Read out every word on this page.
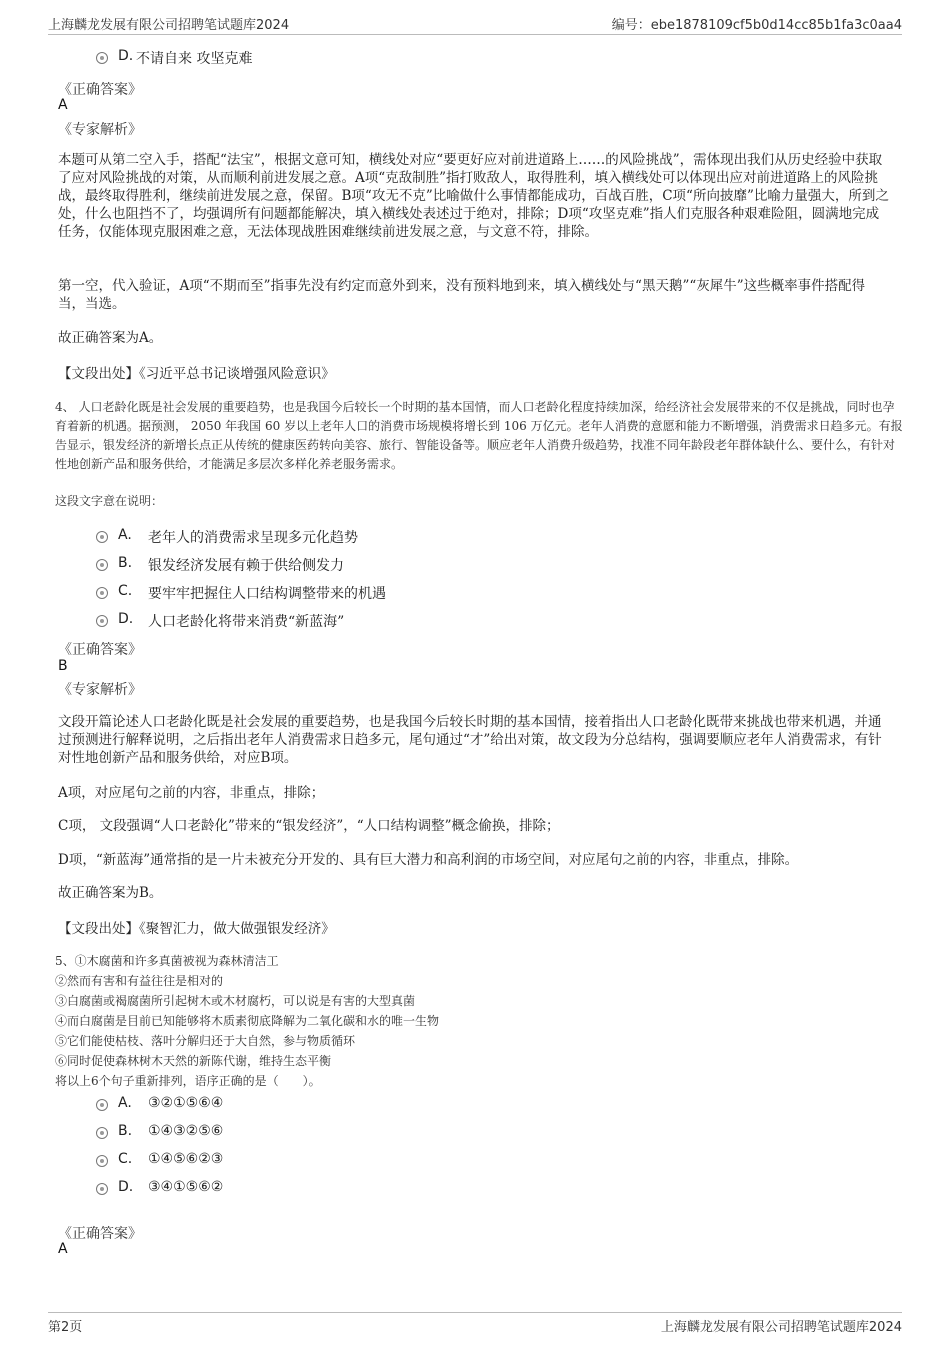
上海麟龙发展有限公司招聘笔试题库2024	编号：ebe1878109cf5b0d14cc85b1fa3c0aa4
D. 不请自来 攻坚克难
《正确答案》
A
《专家解析》

本题可从第二空入手，搭配“法宝”，根据文意可知，横线处对应“要更好应对前进道路上……的风险挑战”，需体现出我们从历史经验中获取了应对风险挑战的对策，从而顺利前进发展之意。A项“克敌制胜”指打败敌人，取得胜利，填入横线处可以体现出应对前进道路上的风险挑战，最终取得胜利，继续前进发展之意，保留。B项“攻无不克”比喻做什么事情都能成功，百战百胜，C项“所向披靡”比喻力量强大，所到之处，什么也阻挡不了，均强调所有问题都能解决，填入横线处表述过于绝对，排除；D项“攻坚克难”指人们克服各种艰难险阻，圆满地完成任务，仅能体现克服困难之意，无法体现战胜困难继续前进发展之意，与文意不符，排除。

第一空，代入验证，A项“不期而至”指事先没有约定而意外到来，没有预料地到来，填入横线处与“黑天鹅”“灰犀牛”这些概率事件搭配得当，当选。

故正确答案为A。

【文段出处】《习近平总书记谈增强风险意识》

4、 人口老龄化既是社会发展的重要趋势，也是我国今后较长一个时期的基本国情，而人口老龄化程度持续加深，给经济社会发展带来的不仅是挑战，同时也孕育着新的机遇。据预测， 2050 年我国 60 岁以上老年人口的消费市场规模将增长到 106 万亿元。老年人消费的意愿和能力不断增强，消费需求日趋多元。有报告显示，银发经济的新增长点正从传统的健康医药转向美容、旅行、智能设备等。顺应老年人消费升级趋势，找准不同年龄段老年群体缺什么、要什么，有针对性地创新产品和服务供给，才能满足多层次多样化养老服务需求。

这段文字意在说明：
A. 老年人的消费需求呈现多元化趋势
B. 银发经济发展有赖于供给侧发力
C. 要牢牢把握住人口结构调整带来的机遇
D. 人口老龄化将带来消费“新蓝海”
《正确答案》
B
《专家解析》

文段开篇论述人口老龄化既是社会发展的重要趋势，也是我国今后较长时期的基本国情，接着指出人口老龄化既带来挑战也带来机遇，并通过预测进行解释说明，之后指出老年人消费需求日趋多元，尾句通过“才”给出对策，故文段为分总结构，强调要顺应老年人消费需求，有针对性地创新产品和服务供给，对应B项。

A项，对应尾句之前的内容，非重点，排除；

C项， 文段强调“人口老龄化”带来的“银发经济”，“人口结构调整”概念偷换，排除；

D项，“新蓝海”通常指的是一片未被充分开发的、具有巨大潜力和高利润的市场空间，对应尾句之前的内容，非重点，排除。

故正确答案为B。

【文段出处】《聚智汇力，做大做强银发经济》
5、①木腐菌和许多真菌被视为森林清洁工
②然而有害和有益往往是相对的
③白腐菌或褐腐菌所引起树木或木材腐朽，可以说是有害的大型真菌
④而白腐菌是目前已知能够将木质素彻底降解为二氧化碳和水的唯一生物
⑤它们能使枯枝、落叶分解归还于大自然，参与物质循环
⑥同时促使森林树木天然的新陈代谢，维持生态平衡
将以上6个句子重新排列，语序正确的是（　　）。
A. ③②①⑤⑥④
B. ①④③②⑤⑥
C. ①④⑤⑥②③
D. ③④①⑤⑥②
《正确答案》
A
第2页	上海麟龙发展有限公司招聘笔试题库2024
